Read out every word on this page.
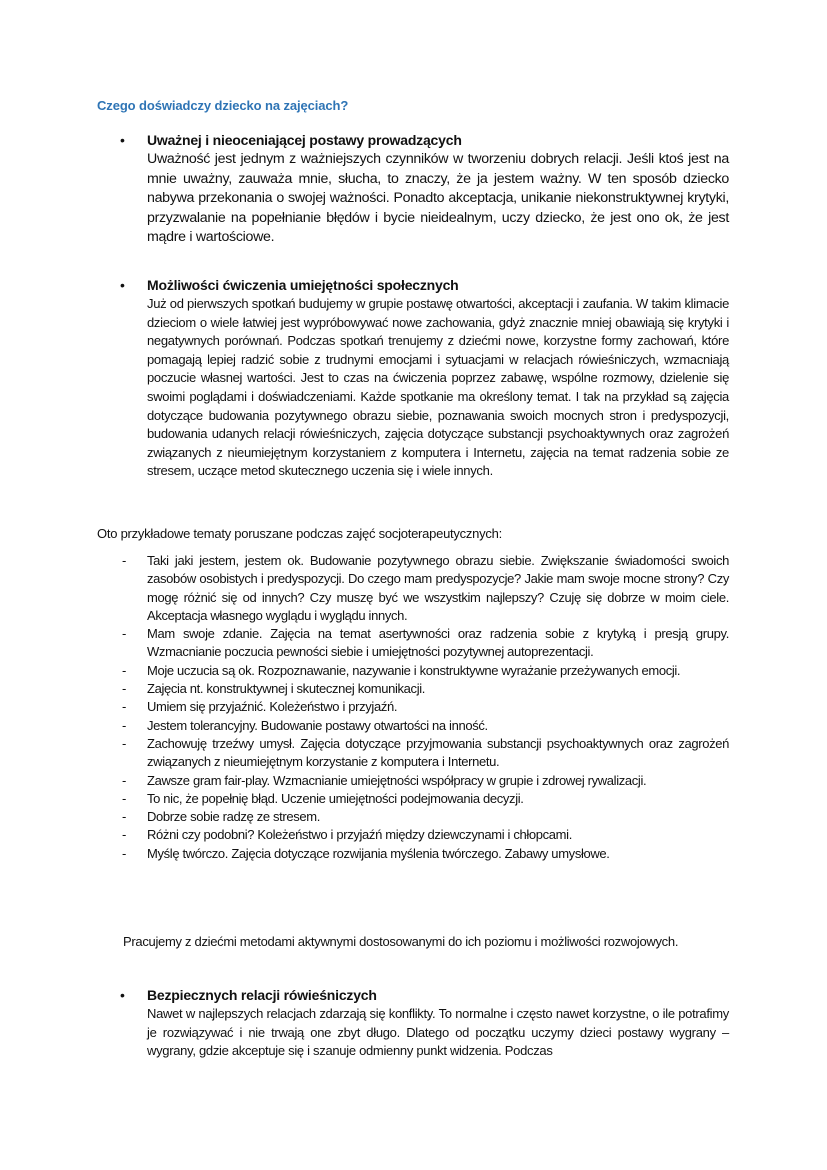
Czego doświadczy dziecko na zajęciach?
• Uważnej i nieoceniającej postawy prowadzących
Uważność jest jednym z ważniejszych czynników w tworzeniu dobrych relacji. Jeśli ktoś jest na mnie uważny, zauważa mnie, słucha, to znaczy, że ja jestem ważny. W ten sposób dziecko nabywa przekonania o swojej ważności. Ponadto akceptacja, unikanie niekonstruktywnej krytyki, przyzwalanie na popełnianie błędów i bycie nieidealnym, uczy dziecko, że jest ono ok, że jest mądre i wartościowe.
• Możliwości ćwiczenia umiejętności społecznych
Już od pierwszych spotkań budujemy w grupie postawę otwartości, akceptacji i zaufania. W takim klimacie dzieciom o wiele łatwiej jest wypróbowywać nowe zachowania, gdyż znacznie mniej obawiają się krytyki i negatywnych porównań. Podczas spotkań trenujemy z dziećmi nowe, korzystne formy zachowań, które pomagają lepiej radzić sobie z trudnymi emocjami i sytuacjami w relacjach rówieśniczych, wzmacniają poczucie własnej wartości. Jest to czas na ćwiczenia poprzez zabawę, wspólne rozmowy, dzielenie się swoimi poglądami i doświadczeniami. Każde spotkanie ma określony temat. I tak na przykład są zajęcia dotyczące budowania pozytywnego obrazu siebie, poznawania swoich mocnych stron i predyspozycji, budowania udanych relacji rówieśniczych, zajęcia dotyczące substancji psychoaktywnych oraz zagrożeń związanych z nieumiejętnym korzystaniem z komputera i Internetu, zajęcia na temat radzenia sobie ze stresem, uczące metod skutecznego uczenia się i wiele innych.
Oto przykładowe tematy poruszane podczas zajęć socjoterapeutycznych:
- Taki jaki jestem, jestem ok. Budowanie pozytywnego obrazu siebie. Zwiększanie świadomości swoich zasobów osobistych i predyspozycji. Do czego mam predyspozycje? Jakie mam swoje mocne strony? Czy mogę różnić się od innych? Czy muszę być we wszystkim najlepszy? Czuję się dobrze w moim ciele. Akceptacja własnego wyglądu i wyglądu innych.
- Mam swoje zdanie. Zajęcia na temat asertywności oraz radzenia sobie z krytyką i presją grupy. Wzmacnianie poczucia pewności siebie i umiejętności pozytywnej autoprezentacji.
- Moje uczucia są ok. Rozpoznawanie, nazywanie i konstruktywne wyrażanie przeżywanych emocji.
- Zajęcia nt. konstruktywnej i skutecznej komunikacji.
- Umiem się przyjaźnić. Koleżeństwo i przyjaźń.
- Jestem tolerancyjny. Budowanie postawy otwartości na inność.
- Zachowuję trzeźwy umysł. Zajęcia dotyczące przyjmowania substancji psychoaktywnych oraz zagrożeń związanych z nieumiejętnym korzystanie z komputera i Internetu.
- Zawsze gram fair-play. Wzmacnianie umiejętności współpracy w grupie i zdrowej rywalizacji.
- To nic, że popełnię błąd. Uczenie umiejętności podejmowania decyzji.
- Dobrze sobie radzę ze stresem.
- Różni czy podobni? Koleżeństwo i przyjaźń między dziewczynami i chłopcami.
- Myślę twórczo. Zajęcia dotyczące rozwijania myślenia twórczego. Zabawy umysłowe.
Pracujemy z dziećmi metodami aktywnymi dostosowanymi do ich poziomu i możliwości rozwojowych.
• Bezpiecznych relacji rówieśniczych
Nawet w najlepszych relacjach zdarzają się konflikty. To normalne i często nawet korzystne, o ile potrafimy je rozwiązywać i nie trwają one zbyt długo. Dlatego od początku uczymy dzieci postawy wygrany – wygrany, gdzie akceptuje się i szanuje odmienny punkt widzenia. Podczas
